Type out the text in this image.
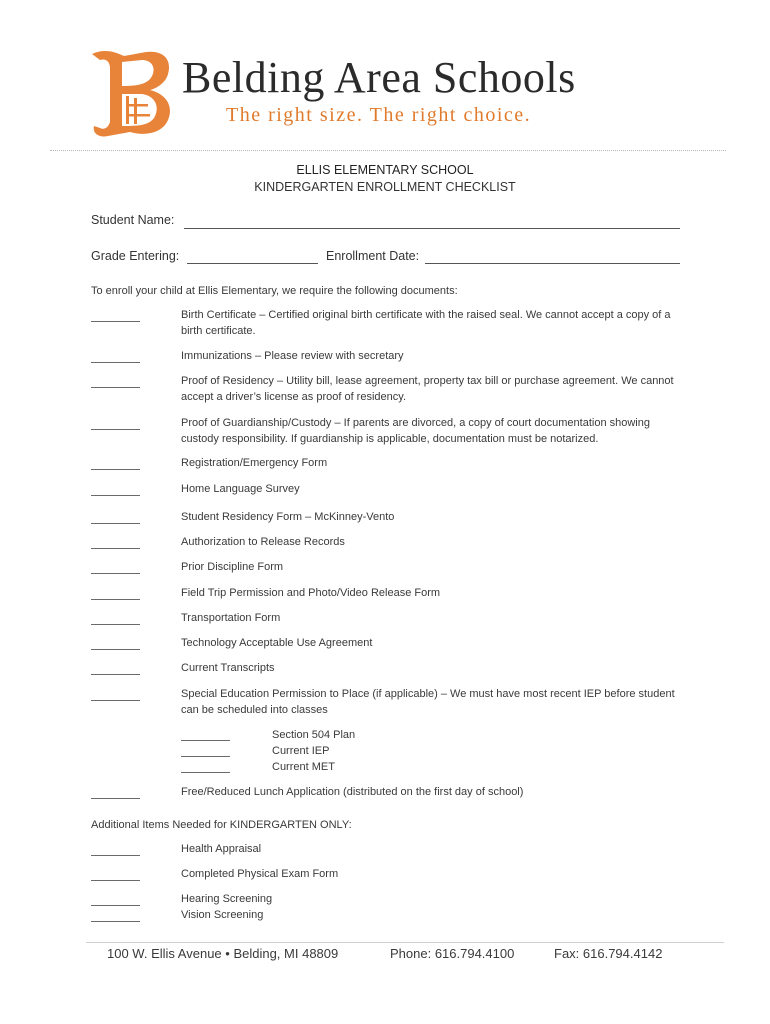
Belding Area Schools
The right size. The right choice.
ELLIS ELEMENTARY SCHOOL
KINDERGARTEN ENROLLMENT CHECKLIST
Student Name:
Grade Entering:	Enrollment Date:
To enroll your child at Ellis Elementary, we require the following documents:
Birth Certificate – Certified original birth certificate with the raised seal. We cannot accept a copy of a birth certificate.
Immunizations – Please review with secretary
Proof of Residency – Utility bill, lease agreement, property tax bill or purchase agreement. We cannot accept a driver’s license as proof of residency.
Proof of Guardianship/Custody – If parents are divorced, a copy of court documentation showing custody responsibility. If guardianship is applicable, documentation must be notarized.
Registration/Emergency Form
Home Language Survey
Student Residency Form – McKinney-Vento
Authorization to Release Records
Prior Discipline Form
Field Trip Permission and Photo/Video Release Form
Transportation Form
Technology Acceptable Use Agreement
Current Transcripts
Special Education Permission to Place (if applicable) – We must have most recent IEP before student can be scheduled into classes
Section 504 Plan
Current IEP
Current MET
Free/Reduced Lunch Application (distributed on the first day of school)
Additional Items Needed for KINDERGARTEN ONLY:
Health Appraisal
Completed Physical Exam Form
Hearing Screening
Vision Screening
100 W. Ellis Avenue • Belding, MI 48809	Phone: 616.794.4100	Fax: 616.794.4142
